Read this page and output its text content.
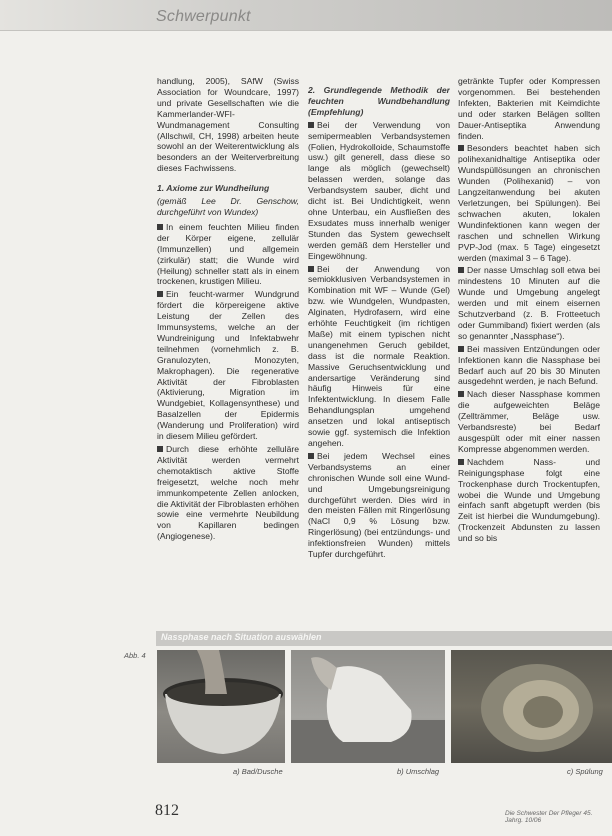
Schwerpunkt

handlung, 2005), SAfW (Swiss Association for Woundcare, 1997) und private Gesellschaften wie die Kammerlander-WFI-Wundmanagement Consulting (Allschwil, CH, 1998) arbeiten heute sowohl an der Weiterentwicklung als besonders an der Weiterverbreitung dieses Fachwissens.

1. Axiome zur Wundheilung

(gemäß Lee Dr. Genschow, durchgeführt von Wundex)

In einem feuchten Milieu finden der Körper eigene, zellulär (Immunzellen) und allgemein (zirkulär) statt; die Wunde wird (Heilung) schneller statt als in einem trockenen, krustigen Milieu.

Ein feucht-warmer Wundgrund fördert die körpereigene aktive Leistung der Zellen des Immunsystems, welche an der Wundreinigung und Infektabwehr teilnehmen (vornehmlich z. B. Granulozyten, Monozyten, Makrophagen). Die regenerative Aktivität der Fibroblasten (Aktivierung, Migration im Wundgebiet, Kollagensynthese) und Basalzellen der Epidermis (Wanderung und Proliferation) wird in diesem Milieu gefördert.

Durch diese erhöhte zelluläre Aktivität werden vermehrt chemotaktisch aktive Stoffe freigesetzt, welche noch mehr immunkompetente Zellen anlocken, die Aktivität der Fibroblasten erhöhen sowie eine vermehrte Neubildung von Kapillaren bedingen (Angiogenese).

2. Grundlegende Methodik der feuchten Wundbehandlung (Empfehlung)

Bei der Verwendung von semipermeablen Verbandsystemen (Folien, Hydrokolloide, Schaumstoffe usw.) gilt generell, dass diese so lange als möglich (gewechselt) belassen werden, solange das Verbandsystem sauber, dicht und dicht ist. Bei Undichtigkeit, wenn ohne Unterbau, ein Ausfließen des Exsudates muss innerhalb weniger Stunden das System gewechselt werden gemäß dem Hersteller und Eingewöhnung.

Bei der Anwendung von semiokklusiven Verbandsystemen in Kombination mit WF – Wunde (Gel) bzw. wie Wundgelen, Wundpasten, Alginaten, Hydrofasern, wird eine erhöhte Feuchtigkeit (im richtigen Maße) mit einem typischen nicht unangenehmen Geruch gebildet, dass ist die normale Reaktion. Massive Geruchsentwicklung und andersartige Veränderung sind häufig Hinweis für eine Infektentwicklung. In diesem Falle Behandlungsplan umgehend ansetzen und lokal antiseptisch sowie ggf. systemisch die Infektion angehen.

Bei jedem Wechsel eines Verbandsystems an einer chronischen Wunde soll eine Wund- und Umgebungsreinigung durchgeführt werden. Dies wird in den meisten Fällen mit Ringerlösung (NaCl 0,9 % Lösung bzw. Ringerlösung) (bei entzündungs- und infektionsfreien Wunden) mittels Tupfer durchgeführt.

getränkte Tupfer oder Kompressen vorgenommen. Bei bestehenden Infekten, Bakterien mit Keimdichte und oder starken Belägen sollten Dauer-Antiseptika Anwendung finden.

Besonders beachtet haben sich polihexanidhaltige Antiseptika oder Wundspüllösungen an chronischen Wunden (Polihexanid) – von Langzeitanwendung bei akuten Verletzungen, bei Spülungen). Bei schwachen akuten, lokalen Wundinfektionen kann wegen der raschen und schnellen Wirkung PVP-Jod (max. 5 Tage) eingesetzt werden (maximal 3 – 6 Tage).

Der nasse Umschlag soll etwa bei mindestens 10 Minuten auf die Wunde und Umgebung angelegt werden und mit einem eisernen Schutzverband (z. B. Frotteetuch oder Gummiband) fixiert werden (als so genannter „Nassphase“).

Bei massiven Entzündungen oder Infektionen kann die Nassphase bei Bedarf auch auf 20 bis 30 Minuten ausgedehnt werden, je nach Befund.

Nach dieser Nassphase kommen die aufgeweichten Beläge (Zellträmmer, Beläge usw. Verbandsreste) bei Bedarf ausgespült oder mit einer nassen Kompresse abgenommen werden.

Nachdem Nass- und Reinigungsphase folgt eine Trockenphase durch Trockentupfen, wobei die Wunde und Umgebung einfach sanft abgetupft werden (bis Zeit ist hierbei die Wundumgebung). (Trockenzeit Abdunsten zu lassen und so bis

Nassphase nach Situation auswählen
Abb. 4
a) Bad/Dusche	b) Umschlag	c) Spülung
812	Die Schwester Der Pfleger 45. Jahrg. 10/06
